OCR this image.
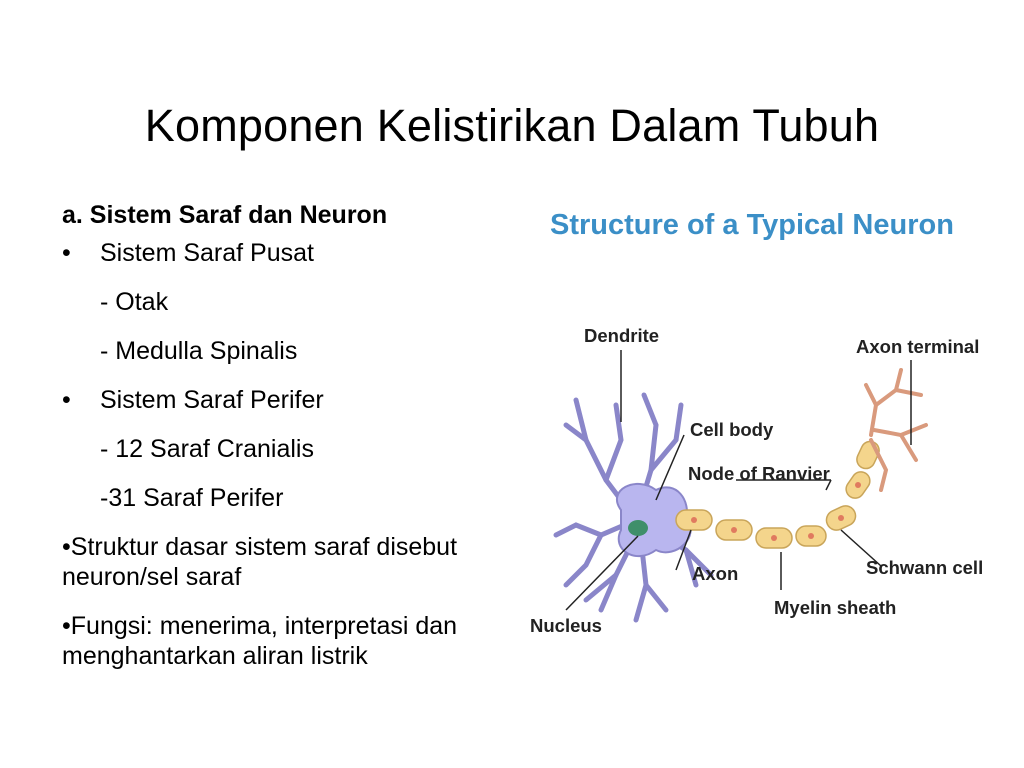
Komponen Kelistirikan Dalam Tubuh
a. Sistem Saraf dan Neuron
• Sistem Saraf Pusat
- Otak
- Medulla Spinalis
• Sistem Saraf Perifer
- 12 Saraf Cranialis
-31 Saraf Perifer
•Struktur dasar sistem saraf disebut neuron/sel saraf
•Fungsi: menerima, interpretasi dan menghantarkan aliran listrik
Structure of a Typical Neuron
Dendrite
Axon terminal
Cell body
Node of Ranvier
Schwann cell
Axon
Myelin sheath
Nucleus
